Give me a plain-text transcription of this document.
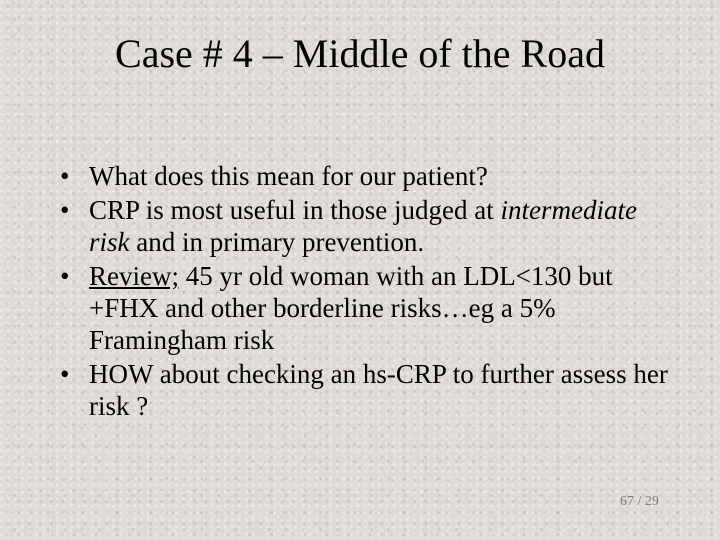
Case # 4 – Middle of the Road
• What does this mean for our patient?
• CRP is most useful in those judged at intermediate risk and in primary prevention.
• Review; 45 yr old woman with an LDL<130 but +FHX and other borderline risks…eg a 5% Framingham risk
• HOW about checking an hs-CRP to further assess her risk ?
67 / 29
